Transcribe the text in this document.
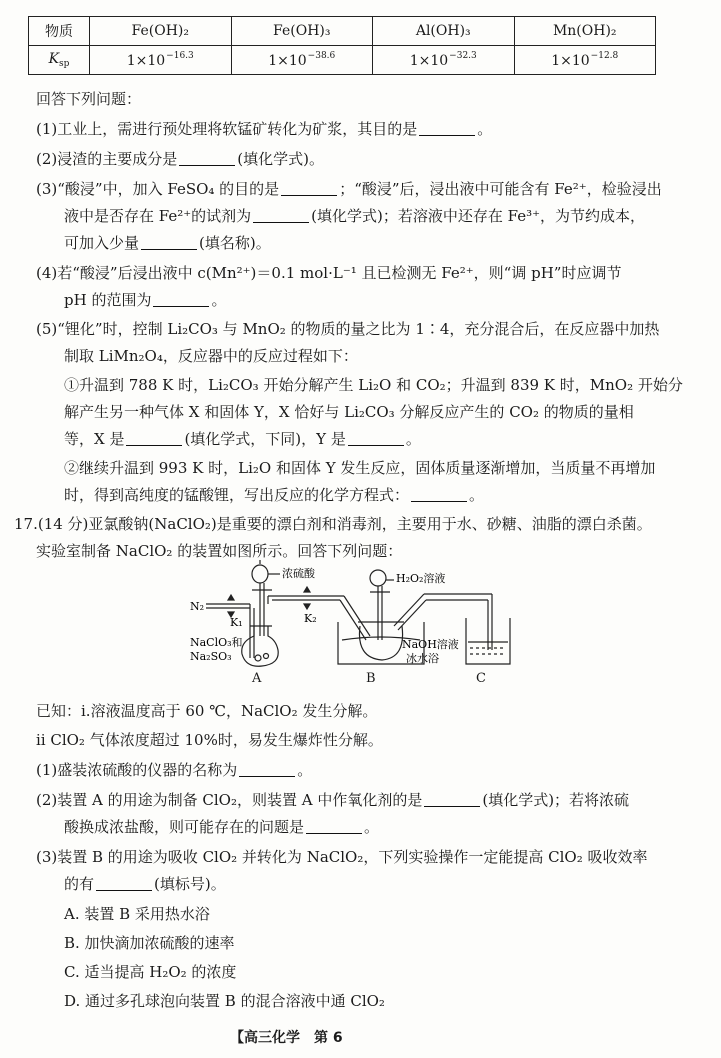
物质	Fe(OH)₂	Fe(OH)₃	Al(OH)₃	Mn(OH)₂
$K_{sp}$	$1\times 10^{-16.3}$	$1\times 10^{-38.6}$	$1\times 10^{-32.3}$	$1\times 10^{-12.8}$
回答下列问题：
(1)工业上，需进行预处理将软锰矿转化为矿浆，其目的是	。
(2)浸渣的主要成分是	(填化学式)。
(3)“酸浸”中，加入 FeSO₄ 的目的是	；“酸浸”后，浸出液中可能含有 Fe²⁺，检验浸出
液中是否存在 Fe²⁺的试剂为	(填化学式)；若溶液中还存在 Fe³⁺，为节约成本，
可加入少量	(填名称)。
(4)若“酸浸”后浸出液中 c(Mn²⁺)＝0.1 mol·L⁻¹ 且已检测无 Fe²⁺，则“调 pH”时应调节
pH 的范围为	。
(5)“锂化”时，控制 Li₂CO₃ 与 MnO₂ 的物质的量之比为 1∶4，充分混合后，在反应器中加热
制取 LiMn₂O₄，反应器中的反应过程如下：
①升温到 788 K 时，Li₂CO₃ 开始分解产生 Li₂O 和 CO₂；升温到 839 K 时，MnO₂ 开始分
解产生另一种气体 X 和固体 Y，X 恰好与 Li₂CO₃ 分解反应产生的 CO₂ 的物质的量相
等，X 是	(填化学式，下同)，Y 是	。
②继续升温到 993 K 时，Li₂O 和固体 Y 发生反应，固体质量逐渐增加，当质量不再增加
时，得到高纯度的锰酸锂，写出反应的化学方程式：	。
17.(14 分)亚氯酸钠(NaClO₂)是重要的漂白剂和消毒剂，主要用于水、砂糖、油脂的漂白杀菌。
实验室制备 NaClO₂ 的装置如图所示。回答下列问题：
浓硫酸	H₂O₂溶液
N₂
K₁	K₂
NaClO₃和
Na₂SO₃
NaOH溶液
冰水浴
A	B	C
已知：ⅰ.溶液温度高于 60 ℃，NaClO₂ 发生分解。
ⅱ ClO₂ 气体浓度超过 10%时，易发生爆炸性分解。
(1)盛装浓硫酸的仪器的名称为	。
(2)装置 A 的用途为制备 ClO₂，则装置 A 中作氧化剂的是	(填化学式)；若将浓硫
酸换成浓盐酸，则可能存在的问题是	。
(3)装置 B 的用途为吸收 ClO₂ 并转化为 NaClO₂，下列实验操作一定能提高 ClO₂ 吸收效率
的有	(填标号)。
A. 装置 B 采用热水浴
B. 加快滴加浓硫酸的速率
C. 适当提高 H₂O₂ 的浓度
D. 通过多孔球泡向装置 B 的混合溶液中通 ClO₂
【高三化学　第 6
